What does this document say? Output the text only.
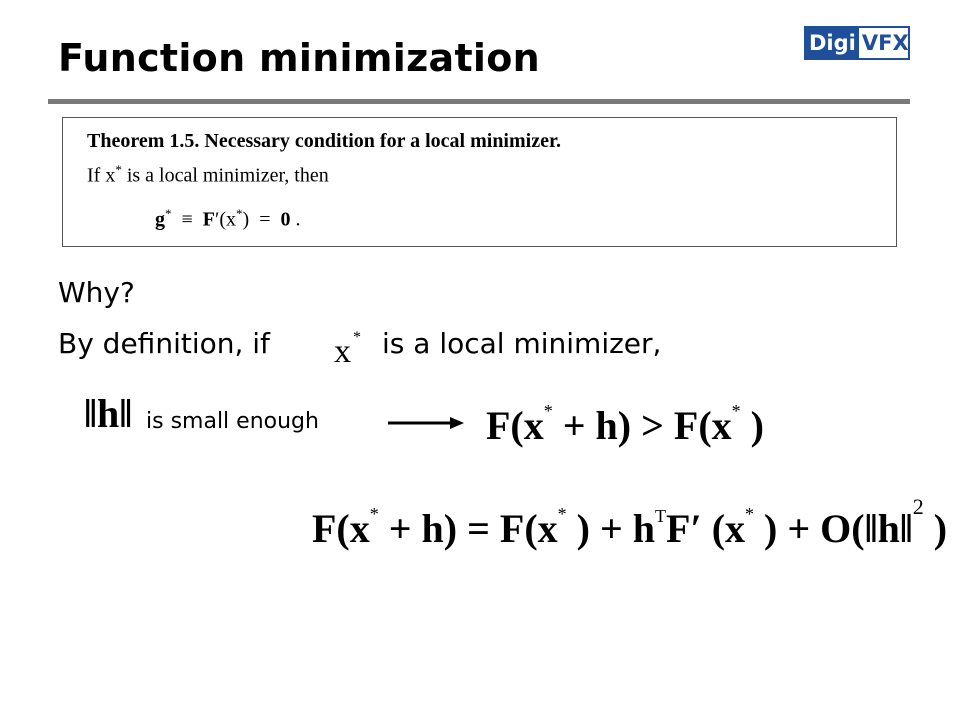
Function minimization	Digi VFX
Theorem 1.5. Necessary condition for a local minimizer.
If x* is a local minimizer, then
g*  ≡  F′(x*)  =  0 .
Why?
By definition, if x * is a local minimizer,
‖h‖ is small enough	F(x* + h) > F(x* )
F(x* + h) = F(x* ) + $h^TF'$ (x* ) + O(‖h‖$^2$ )
